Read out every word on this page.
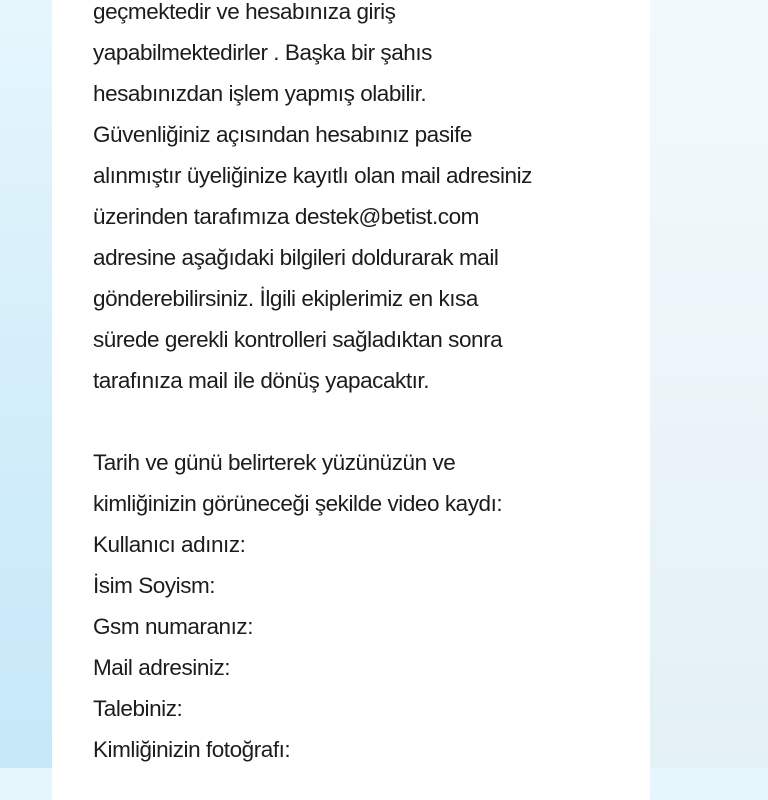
geçmektedir ve hesabınıza giriş
yapabilmektedirler . Başka bir şahıs
hesabınızdan işlem yapmış olabilir.
Güvenliğiniz açısından hesabınız pasife
alınmıştır üyeliğinize kayıtlı olan mail adresiniz
üzerinden tarafımıza destek@betist.com
adresine aşağıdaki bilgileri doldurarak mail
gönderebilirsiniz. İlgili ekiplerimiz en kısa
sürede gerekli kontrolleri sağladıktan sonra
tarafınıza mail ile dönüş yapacaktır.
Tarih ve günü belirterek yüzünüzün ve
kimliğinizin görüneceği şekilde video kaydı:
Kullanıcı adınız:
İsim Soyism:
Gsm numaranız:
Mail adresiniz:
Talebiniz:
Kimliğinizin fotoğrafı:
